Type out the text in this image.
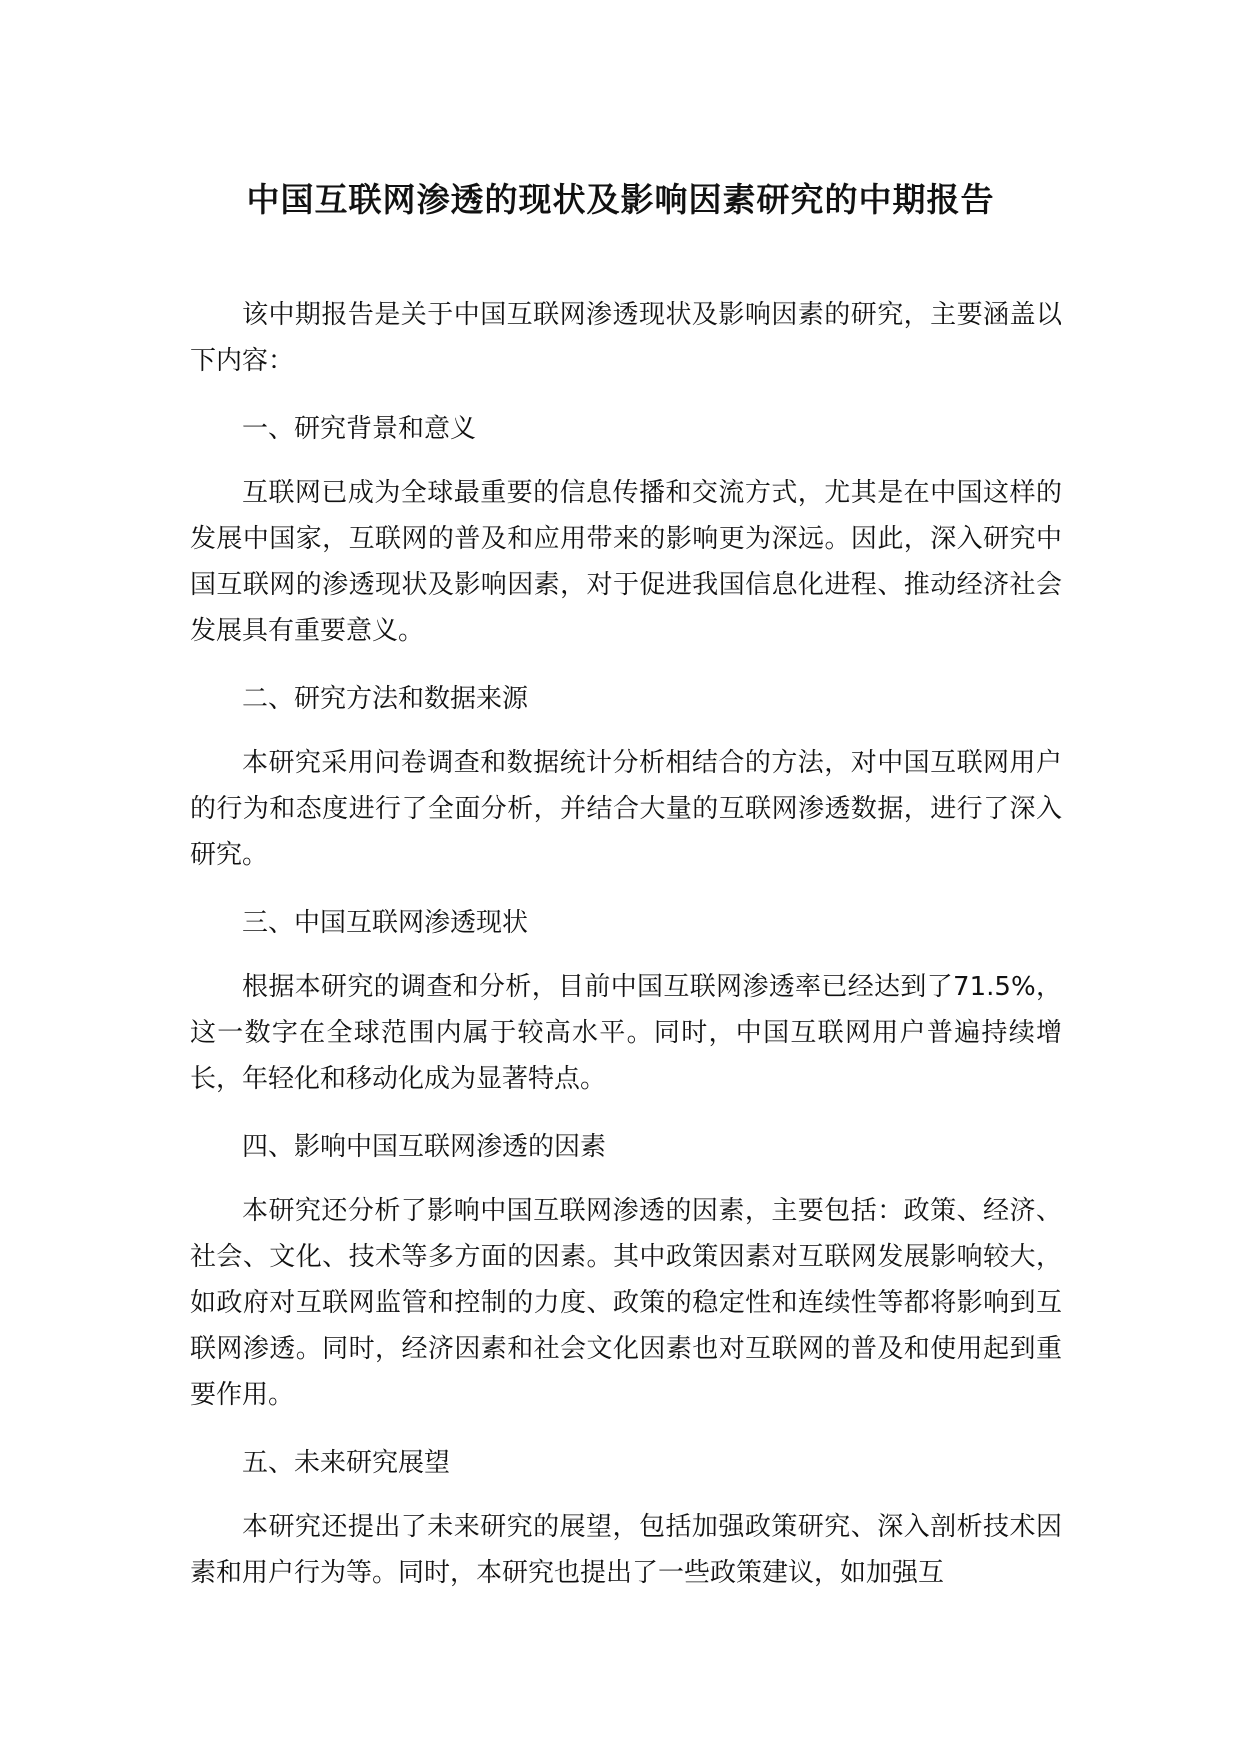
中国互联网渗透的现状及影响因素研究的中期报告

该中期报告是关于中国互联网渗透现状及影响因素的研究，主要涵盖以下内容：

一、研究背景和意义

互联网已成为全球最重要的信息传播和交流方式，尤其是在中国这样的发展中国家，互联网的普及和应用带来的影响更为深远。因此，深入研究中国互联网的渗透现状及影响因素，对于促进我国信息化进程、推动经济社会发展具有重要意义。

二、研究方法和数据来源

本研究采用问卷调查和数据统计分析相结合的方法，对中国互联网用户的行为和态度进行了全面分析，并结合大量的互联网渗透数据，进行了深入研究。

三、中国互联网渗透现状

根据本研究的调查和分析，目前中国互联网渗透率已经达到了71.5%，这一数字在全球范围内属于较高水平。同时，中国互联网用户普遍持续增长，年轻化和移动化成为显著特点。

四、影响中国互联网渗透的因素

本研究还分析了影响中国互联网渗透的因素，主要包括：政策、经济、社会、文化、技术等多方面的因素。其中政策因素对互联网发展影响较大，如政府对互联网监管和控制的力度、政策的稳定性和连续性等都将影响到互联网渗透。同时，经济因素和社会文化因素也对互联网的普及和使用起到重要作用。

五、未来研究展望

本研究还提出了未来研究的展望，包括加强政策研究、深入剖析技术因素和用户行为等。同时，本研究也提出了一些政策建议，如加强互
